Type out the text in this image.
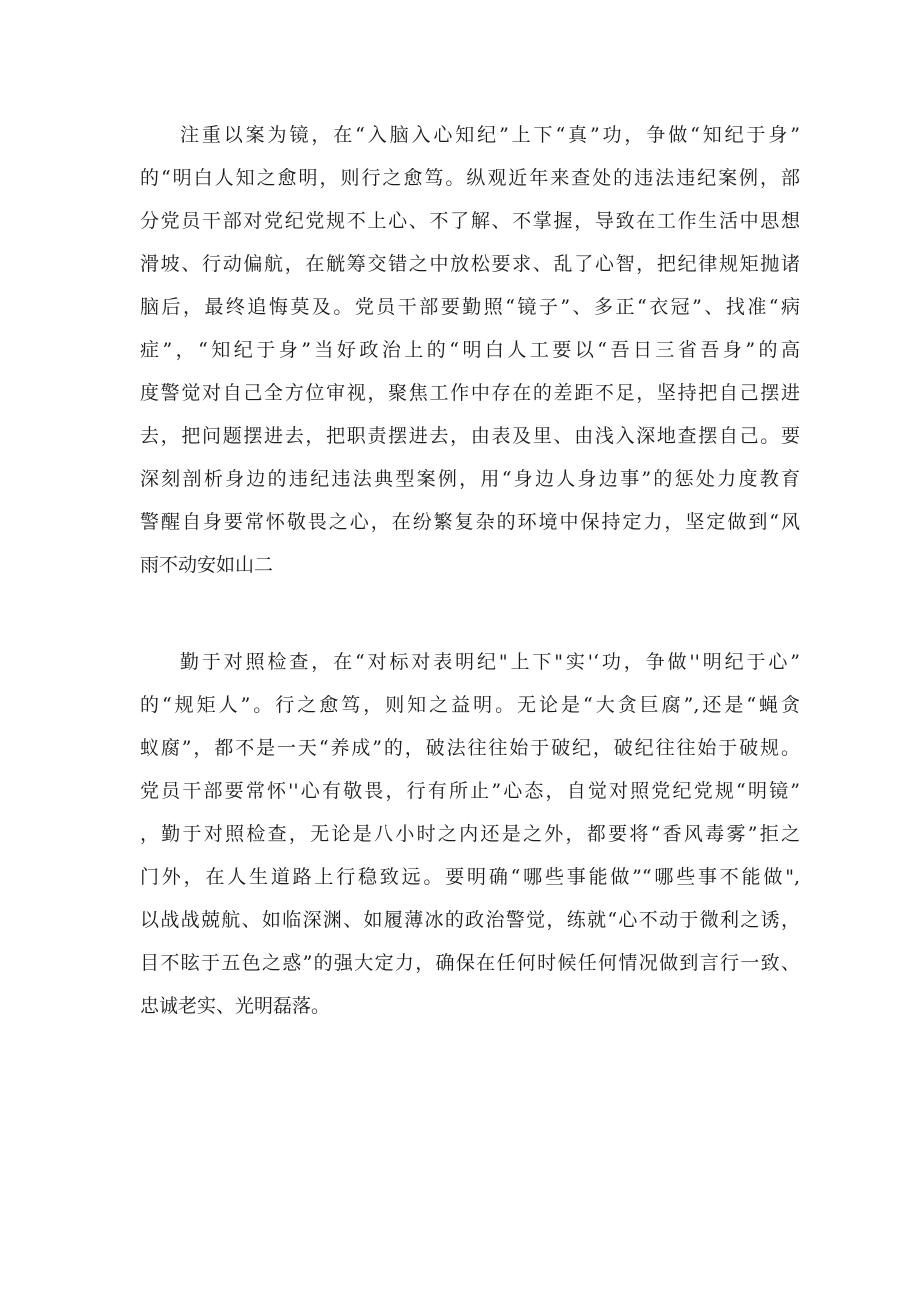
注重以案为镜，在“入脑入心知纪”上下“真”功，争做“知纪于身”

的“明白人知之愈明，则行之愈笃。纵观近年来查处的违法违纪案例，部

分党员干部对党纪党规不上心、不了解、不掌握，导致在工作生活中思想

滑坡、行动偏航，在觥筹交错之中放松要求、乱了心智，把纪律规矩抛诸

脑后，最终追悔莫及。党员干部要勤照“镜子”、多正“衣冠”、找准“病

症”，“知纪于身”当好政治上的“明白人工要以“吾日三省吾身”的高

度警觉对自己全方位审视，聚焦工作中存在的差距不足，坚持把自己摆进

去，把问题摆进去，把职责摆进去，由表及里、由浅入深地查摆自己。要

深刻剖析身边的违纪违法典型案例，用“身边人身边事”的惩处力度教育

警醒自身要常怀敬畏之心，在纷繁复杂的环境中保持定力，坚定做到“风

雨不动安如山二

勤于对照检查，在“对标对表明纪"上下"实'‘功，争做''明纪于心”

的“规矩人”。行之愈笃，则知之益明。无论是“大贪巨腐”,还是“蝇贪

蚁腐”，都不是一天“养成”的，破法往往始于破纪，破纪往往始于破规。

党员干部要常怀''心有敬畏，行有所止”心态，自觉对照党纪党规“明镜”

，勤于对照检查，无论是八小时之内还是之外，都要将“香风毒雾”拒之

门外，在人生道路上行稳致远。要明确“哪些事能做”“哪些事不能做",

以战战兢航、如临深渊、如履薄冰的政治警觉，练就“心不动于微利之诱，

目不眩于五色之惑”的强大定力，确保在任何时候任何情况做到言行一致、

忠诚老实、光明磊落。
